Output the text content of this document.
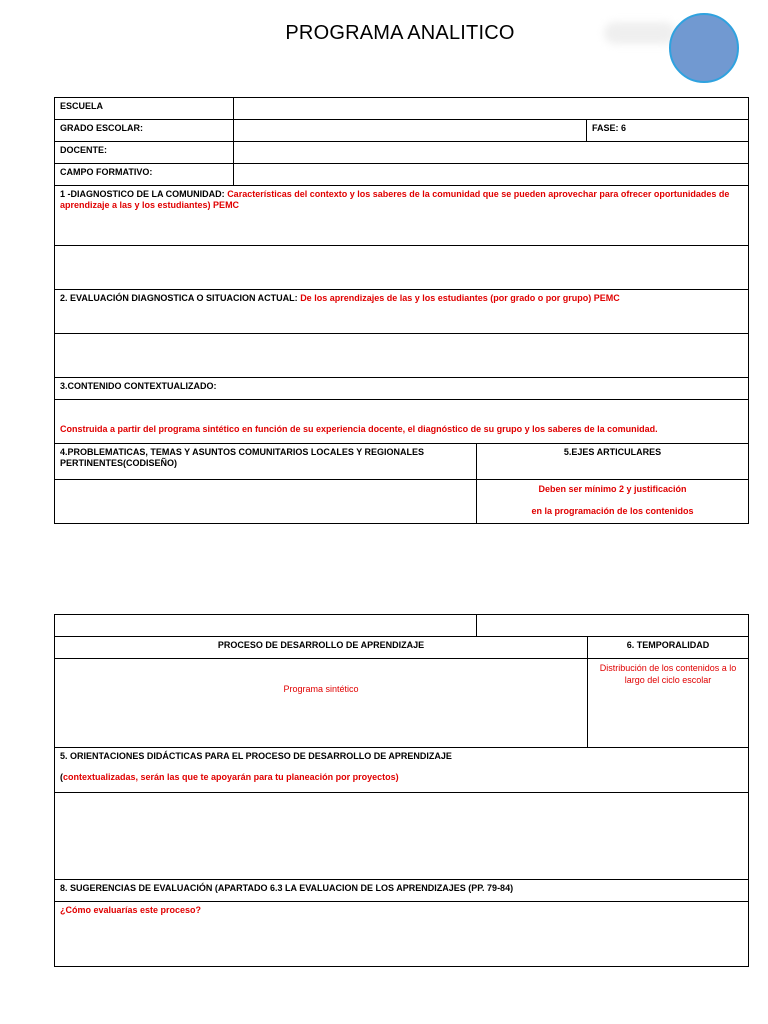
PROGRAMA ANALITICO
ESCUELA
GRADO ESCOLAR:	FASE: 6
DOCENTE:
CAMPO FORMATIVO:
1 -DIAGNOSTICO DE LA COMUNIDAD: Características del contexto y los saberes de la comunidad que se pueden aprovechar para ofrecer oportunidades de aprendizaje a las y los estudiantes) PEMC
2. EVALUACIÓN DIAGNOSTICA O SITUACION ACTUAL: De los aprendizajes de las y los estudiantes (por grado o por grupo) PEMC
3.CONTENIDO CONTEXTUALIZADO:
Construida a partir del programa sintético en función de su experiencia docente, el diagnóstico de su grupo y los saberes de la comunidad.
4.PROBLEMATICAS, TEMAS Y ASUNTOS COMUNITARIOS LOCALES Y REGIONALES PERTINENTES(CODISEÑO)
5.EJES ARTICULARES
Deben ser mínimo 2 y justificación
en la programación de los contenidos
PROCESO DE DESARROLLO DE APRENDIZAJE	6. TEMPORALIDAD
Programa sintético
Distribución de los contenidos a lo largo del ciclo escolar
5. ORIENTACIONES DIDÁCTICAS PARA EL PROCESO DE DESARROLLO DE APRENDIZAJE
(contextualizadas, serán las que te apoyarán para tu planeación por proyectos)
8. SUGERENCIAS DE EVALUACIÓN (APARTADO 6.3 LA EVALUACION DE LOS APRENDIZAJES (PP. 79-84)
¿Cómo evaluarías este proceso?
